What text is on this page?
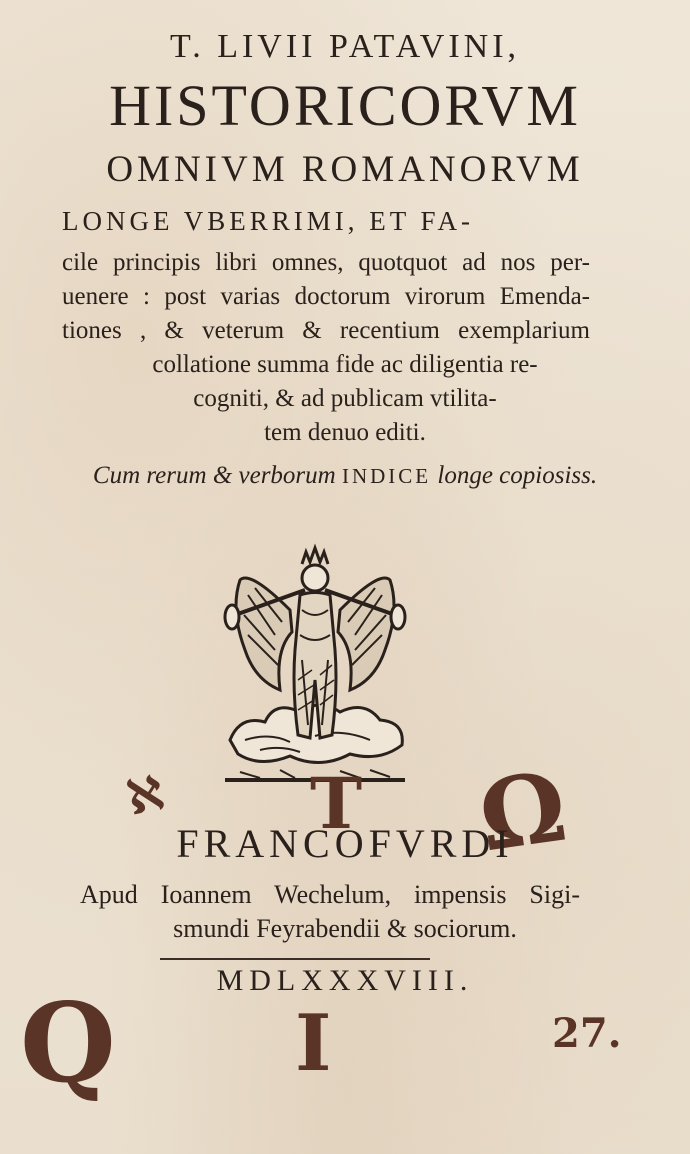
T. LIVII PATAVINI,
HISTORICORVM
OMNIVM ROMANORVM
LONGE VBERRIMI, ET FA-
cile principis libri omnes, quotquot ad nos per-
uenere : post varias doctorum virorum Emenda-
tiones , & veterum & recentium exemplarium
collatione summa fide ac diligentia re-
cogniti, & ad publicam vtilita-
tem denuo editi.
Cum rerum & verborum INDICE longe copiosiss.
ℵ T Ω
FRANCOFVRDI
Apud Ioannem Wechelum, impensis Sigi-
smundi Feyrabendii & sociorum.
MDLXXXVIII.
Q I	27.
